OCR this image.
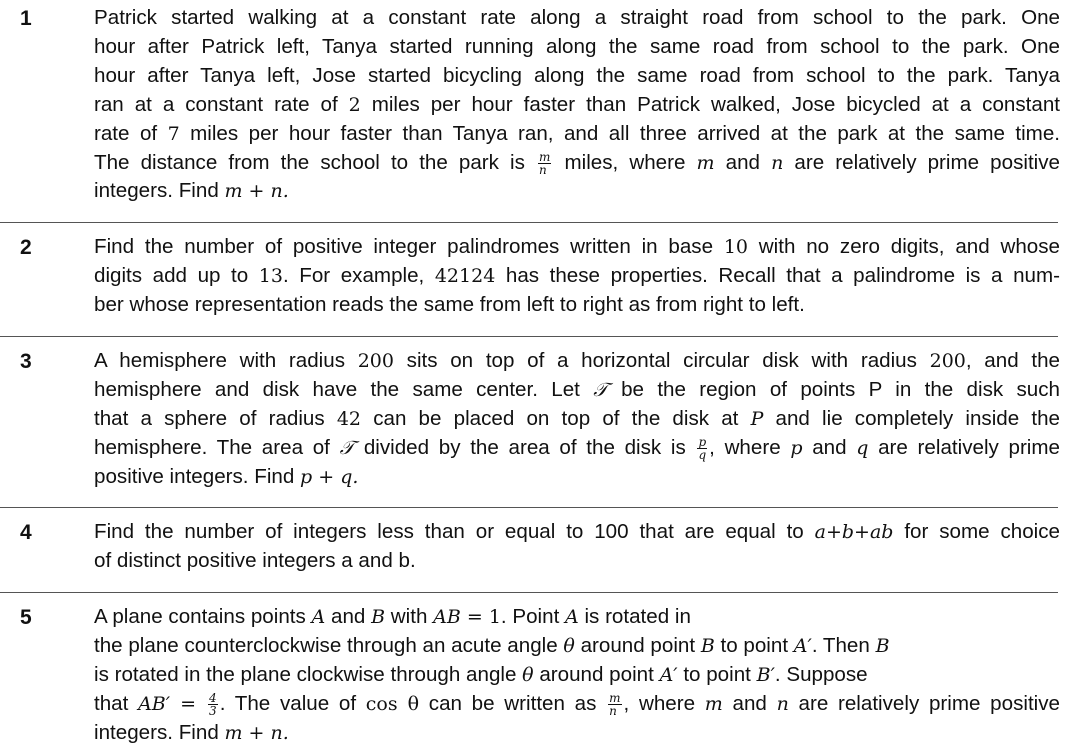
1	Patrick started walking at a constant rate along a straight road from school to the park. One
hour after Patrick left, Tanya started running along the same road from school to the park. One
hour after Tanya left, Jose started bicycling along the same road from school to the park. Tanya
ran at a constant rate of 2 miles per hour faster than Patrick walked, Jose bicycled at a constant
rate of 7 miles per hour faster than Tanya ran, and all three arrived at the park at the same time.
The distance from the school to the park is $\frac{m}{n}$ miles, where m and n are relatively prime positive
integers. Find m + n.
2	Find the number of positive integer palindromes written in base 10 with no zero digits, and whose
digits add up to 13. For example, 42124 has these properties. Recall that a palindrome is a num-
ber whose representation reads the same from left to right as from right to left.
3	A hemisphere with radius 200 sits on top of a horizontal circular disk with radius 200, and the
hemisphere and disk have the same center. Let 𝒯 be the region of points P in the disk such
that a sphere of radius 42 can be placed on top of the disk at P and lie completely inside the
hemisphere. The area of 𝒯 divided by the area of the disk is $\frac{p}{q}$ , where p and q are relatively prime
positive integers. Find p + q.
4	Find the number of integers less than or equal to 100 that are equal to a+b+ab for some choice
of distinct positive integers a and b.
5	A plane contains points A and B with AB = 1. Point A is rotated in
the plane counterclockwise through an acute angle θ around point B to point A′. Then B
is rotated in the plane clockwise through angle θ around point A′ to point B′. Suppose
that $AB' = \frac{4}{3}$ . The value of cos θ can be written as $\frac{m}{n}$ , where m and n are relatively prime positive
integers. Find m + n.
